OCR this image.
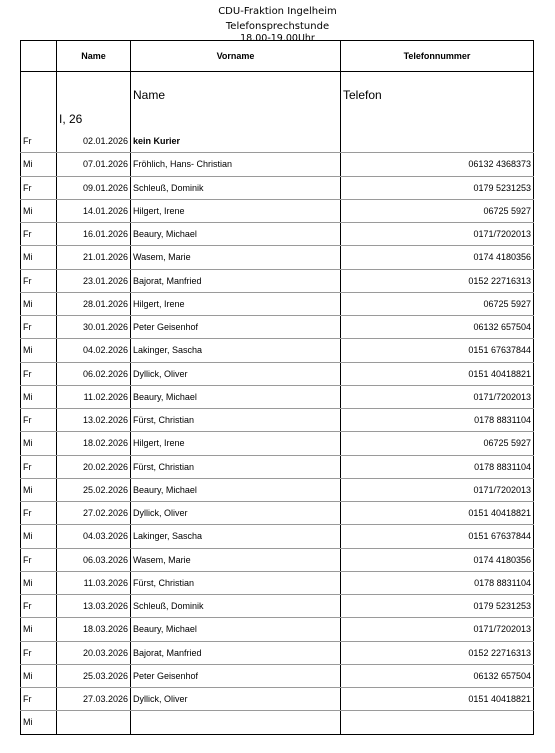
CDU-Fraktion Ingelheim
Telefonsprechstunde
18.00-19.00Uhr
	Name	Vorname	Telefonnummer
		Name	Telefon
	I, 26		
Fr	02.01.2026	kein Kurier	
Mi	07.01.2026	Fröhlich, Hans- Christian	06132 4368373
Fr	09.01.2026	Schleuß, Dominik	0179 5231253
Mi	14.01.2026	Hilgert, Irene	06725 5927
Fr	16.01.2026	Beaury, Michael	0171/7202013
Mi	21.01.2026	Wasem, Marie	0174 4180356
Fr	23.01.2026	Bajorat, Manfried	0152 22716313
Mi	28.01.2026	Hilgert, Irene	06725 5927
Fr	30.01.2026	Peter Geisenhof	06132 657504
Mi	04.02.2026	Lakinger, Sascha	0151 67637844
Fr	06.02.2026	Dyllick, Oliver	0151 40418821
Mi	11.02.2026	Beaury, Michael	0171/7202013
Fr	13.02.2026	Fürst, Christian	0178 8831104
Mi	18.02.2026	Hilgert, Irene	06725 5927
Fr	20.02.2026	Fürst, Christian	0178 8831104
Mi	25.02.2026	Beaury, Michael	0171/7202013
Fr	27.02.2026	Dyllick, Oliver	0151 40418821
Mi	04.03.2026	Lakinger, Sascha	0151 67637844
Fr	06.03.2026	Wasem, Marie	0174 4180356
Mi	11.03.2026	Fürst, Christian	0178 8831104
Fr	13.03.2026	Schleuß, Dominik	0179 5231253
Mi	18.03.2026	Beaury, Michael	0171/7202013
Fr	20.03.2026	Bajorat, Manfried	0152 22716313
Mi	25.03.2026	Peter Geisenhof	06132 657504
Fr	27.03.2026	Dyllick, Oliver	0151 40418821
Mi			
